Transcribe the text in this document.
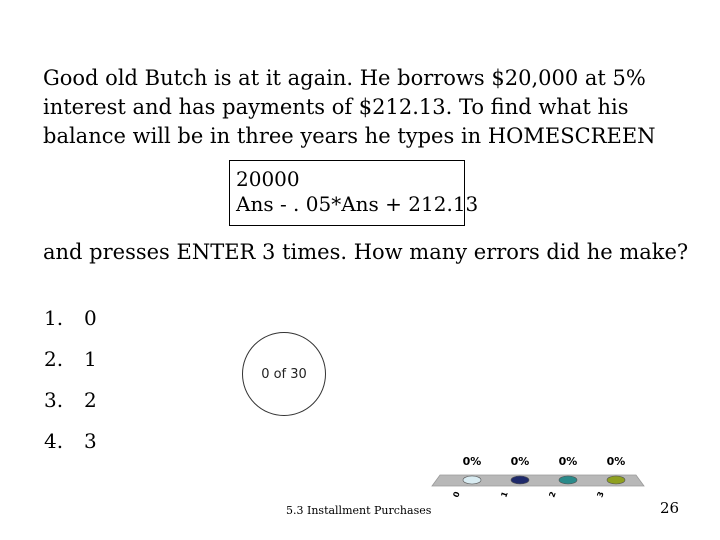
Good old Butch is at it again. He borrows $20,000 at 5%

interest and has payments of $212.13. To find what his

balance will be in three years he types in HOMESCREEN

20000
Ans - . 05*Ans + 212.13
and presses ENTER 3 times. How many errors did he make?
1. 0
2. 1
3. 2
4. 3
0 of 30
0%
0
0%
1
0%
2
0%
3
5.3 Installment Purchases	26
